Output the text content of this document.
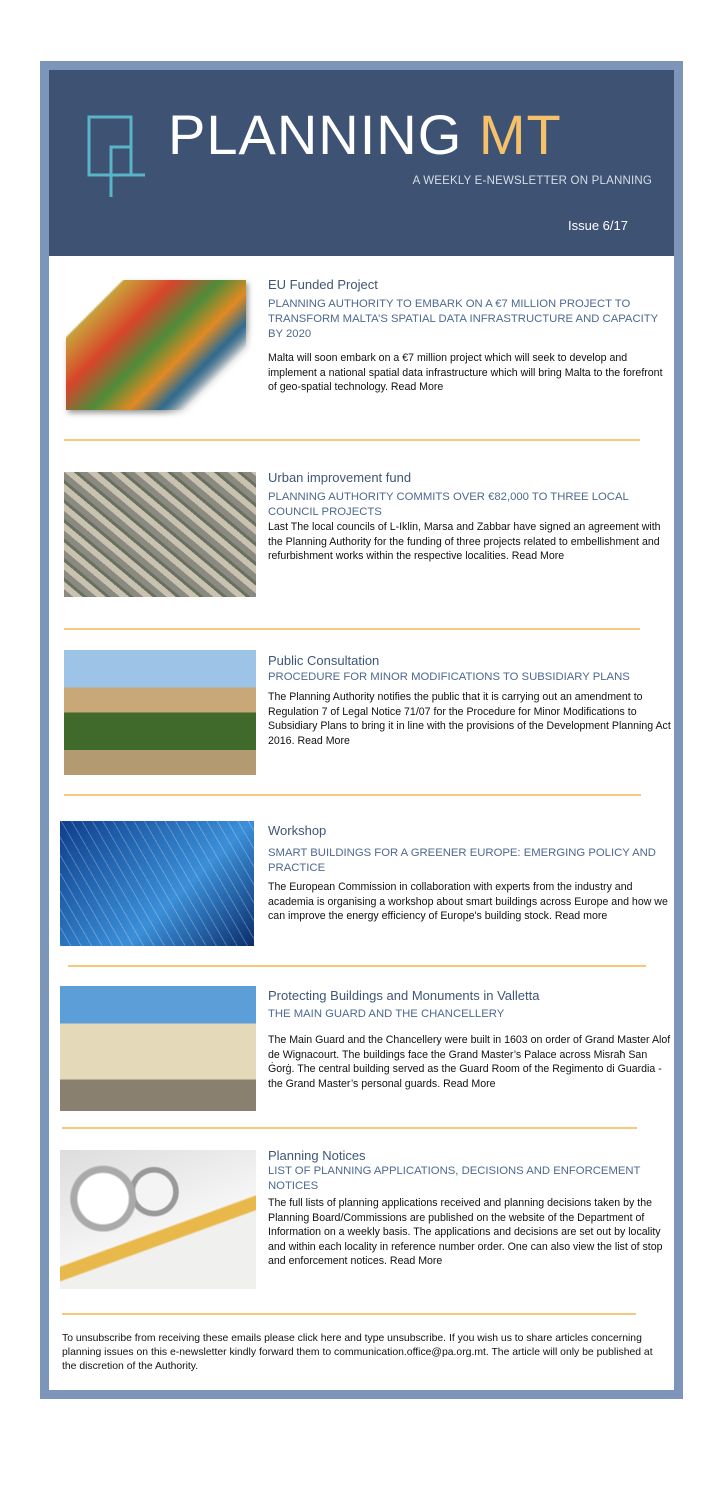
PLANNING MT
A WEEKLY E-NEWSLETTER ON PLANNING
Issue 6/17
EU Funded Project
PLANNING AUTHORITY TO EMBARK ON A €7 MILLION PROJECT TO TRANSFORM MALTA’S SPATIAL DATA INFRASTRUCTURE AND CAPACITY BY 2020
Malta will soon embark on a €7 million project which will seek to develop and implement a national spatial data infrastructure which will bring Malta to the forefront of geo-spatial technology. Read More
Urban improvement fund
PLANNING AUTHORITY COMMITS OVER €82,000 TO THREE LOCAL COUNCIL PROJECTS
Last The local councils of L-Iklin, Marsa and Zabbar have signed an agreement with the Planning Authority for the funding of three projects related to embellishment and refurbishment works within the respective localities. Read More
Public Consultation
PROCEDURE FOR MINOR MODIFICATIONS TO SUBSIDIARY PLANS
The Planning Authority notifies the public that it is carrying out an amendment to Regulation 7 of Legal Notice 71/07 for the Procedure for Minor Modifications to Subsidiary Plans to bring it in line with the provisions of the Development Planning Act 2016. Read More
Workshop
SMART BUILDINGS FOR A GREENER EUROPE: EMERGING POLICY AND PRACTICE
The European Commission in collaboration with experts from the industry and academia is organising a workshop about smart buildings across Europe and how we can improve the energy efficiency of Europe's building stock. Read more
Protecting Buildings and Monuments in Valletta
THE MAIN GUARD AND THE CHANCELLERY
The Main Guard and the Chancellery were built in 1603 on order of Grand Master Alof de Wignacourt. The buildings face the Grand Master’s Palace across Misraħ San Ġorġ. The central building served as the Guard Room of the Regimento di Guardia - the Grand Master’s personal guards. Read More
Planning Notices
LIST OF PLANNING APPLICATIONS, DECISIONS AND ENFORCEMENT NOTICES
The full lists of planning applications received and planning decisions taken by the Planning Board/Commissions are published on the website of the Department of Information on a weekly basis. The applications and decisions are set out by locality and within each locality in reference number order. One can also view the list of stop and enforcement notices. Read More
To unsubscribe from receiving these emails please click here and type unsubscribe. If you wish us to share articles concerning planning issues on this e-newsletter kindly forward them to communication.office@pa.org.mt. The article will only be published at the discretion of the Authority.
